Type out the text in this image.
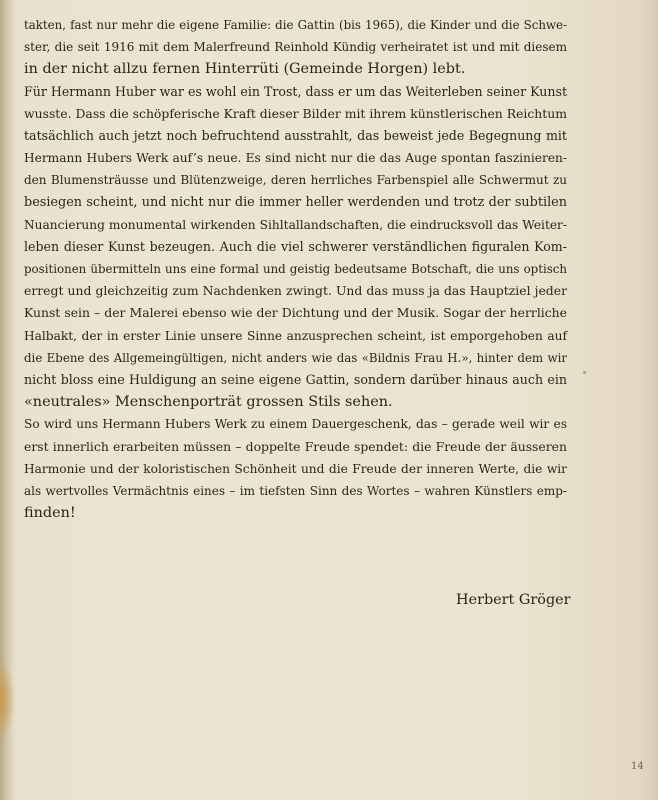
takten, fast nur mehr die eigene Familie: die Gattin (bis 1965), die Kinder und die Schwe-
ster, die seit 1916 mit dem Malerfreund Reinhold Kündig verheiratet ist und mit diesem
in der nicht allzu fernen Hinterrüti (Gemeinde Horgen) lebt.
Für Hermann Huber war es wohl ein Trost, dass er um das Weiterleben seiner Kunst
wusste. Dass die schöpferische Kraft dieser Bilder mit ihrem künstlerischen Reichtum
tatsächlich auch jetzt noch befruchtend ausstrahlt, das beweist jede Begegnung mit
Hermann Hubers Werk auf’s neue. Es sind nicht nur die das Auge spontan faszinieren-
den Blumensträusse und Blütenzweige, deren herrliches Farbenspiel alle Schwermut zu
besiegen scheint, und nicht nur die immer heller werdenden und trotz der subtilen
Nuancierung monumental wirkenden Sihltallandschaften, die eindrucksvoll das Weiter-
leben dieser Kunst bezeugen. Auch die viel schwerer verständlichen figuralen Kom-
positionen übermitteln uns eine formal und geistig bedeutsame Botschaft, die uns optisch
erregt und gleichzeitig zum Nachdenken zwingt. Und das muss ja das Hauptziel jeder
Kunst sein – der Malerei ebenso wie der Dichtung und der Musik. Sogar der herrliche
Halbakt, der in erster Linie unsere Sinne anzusprechen scheint, ist emporgehoben auf
die Ebene des Allgemeingültigen, nicht anders wie das «Bildnis Frau H.», hinter dem wir
nicht bloss eine Huldigung an seine eigene Gattin, sondern darüber hinaus auch ein
«neutrales» Menschenporträt grossen Stils sehen.
So wird uns Hermann Hubers Werk zu einem Dauergeschenk, das – gerade weil wir es
erst innerlich erarbeiten müssen – doppelte Freude spendet: die Freude der äusseren
Harmonie und der koloristischen Schönheit und die Freude der inneren Werte, die wir
als wertvolles Vermächtnis eines – im tiefsten Sinn des Wortes – wahren Künstlers emp-
finden!
Herbert Gröger
14
